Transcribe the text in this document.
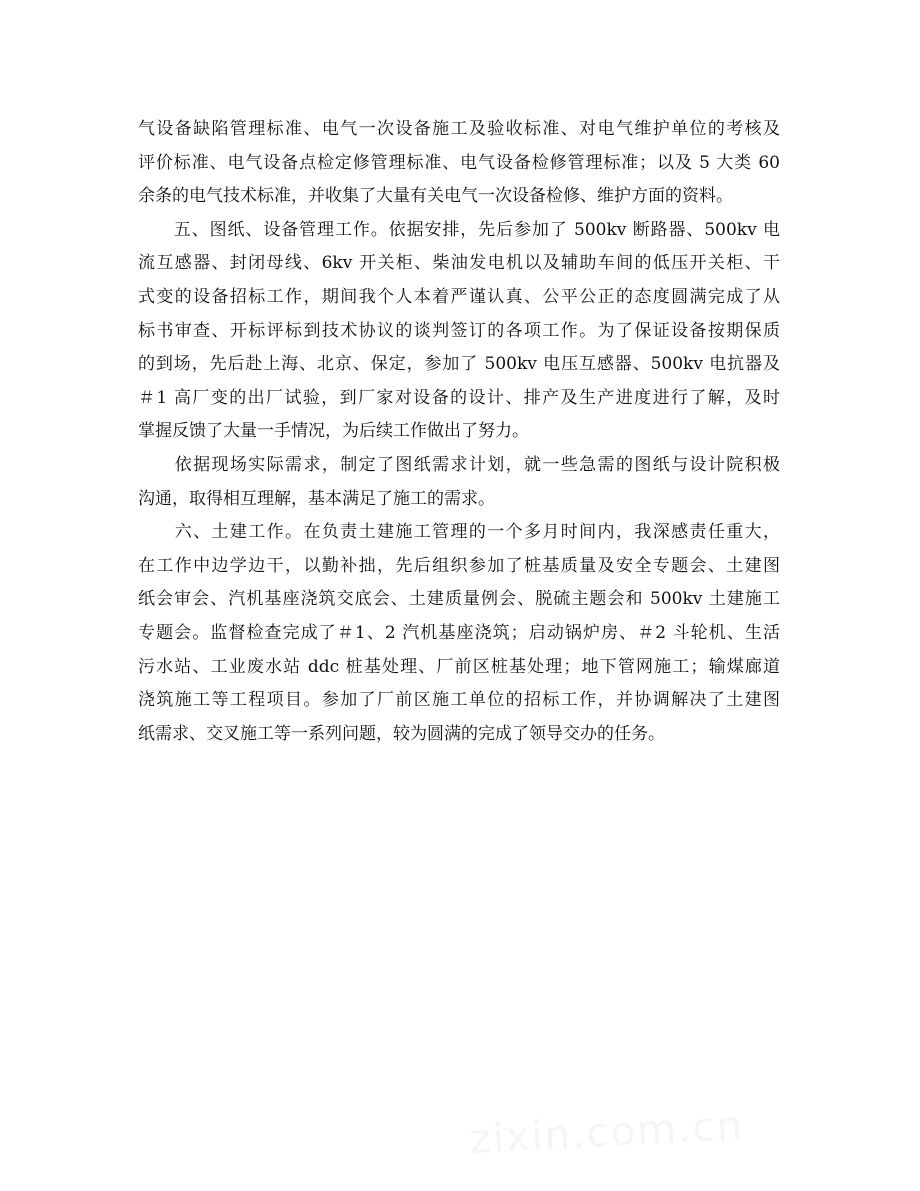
气设备缺陷管理标准、电气一次设备施工及验收标准、对电气维护单位的考核及
评价标准、电气设备点检定修管理标准、电气设备检修管理标准；以及 5 大类 60
余条的电气技术标准，并收集了大量有关电气一次设备检修、维护方面的资料。
　　五、图纸、设备管理工作。依据安排，先后参加了 500kv 断路器、500kv 电
流互感器、封闭母线、6kv 开关柜、柴油发电机以及辅助车间的低压开关柜、干
式变的设备招标工作，期间我个人本着严谨认真、公平公正的态度圆满完成了从
标书审查、开标评标到技术协议的谈判签订的各项工作。为了保证设备按期保质
的到场，先后赴上海、北京、保定，参加了 500kv 电压互感器、500kv 电抗器及
＃1 高厂变的出厂试验，到厂家对设备的设计、排产及生产进度进行了解，及时
掌握反馈了大量一手情况，为后续工作做出了努力。
　　依据现场实际需求，制定了图纸需求计划，就一些急需的图纸与设计院积极
沟通，取得相互理解，基本满足了施工的需求。
　　六、土建工作。在负责土建施工管理的一个多月时间内，我深感责任重大，
在工作中边学边干，以勤补拙，先后组织参加了桩基质量及安全专题会、土建图
纸会审会、汽机基座浇筑交底会、土建质量例会、脱硫主题会和 500kv 土建施工
专题会。监督检查完成了＃1、2 汽机基座浇筑；启动锅炉房、＃2 斗轮机、生活
污水站、工业废水站 ddc 桩基处理、厂前区桩基处理；地下管网施工；输煤廊道
浇筑施工等工程项目。参加了厂前区施工单位的招标工作，并协调解决了土建图
纸需求、交叉施工等一系列问题，较为圆满的完成了领导交办的任务。
zixin.com.cn
